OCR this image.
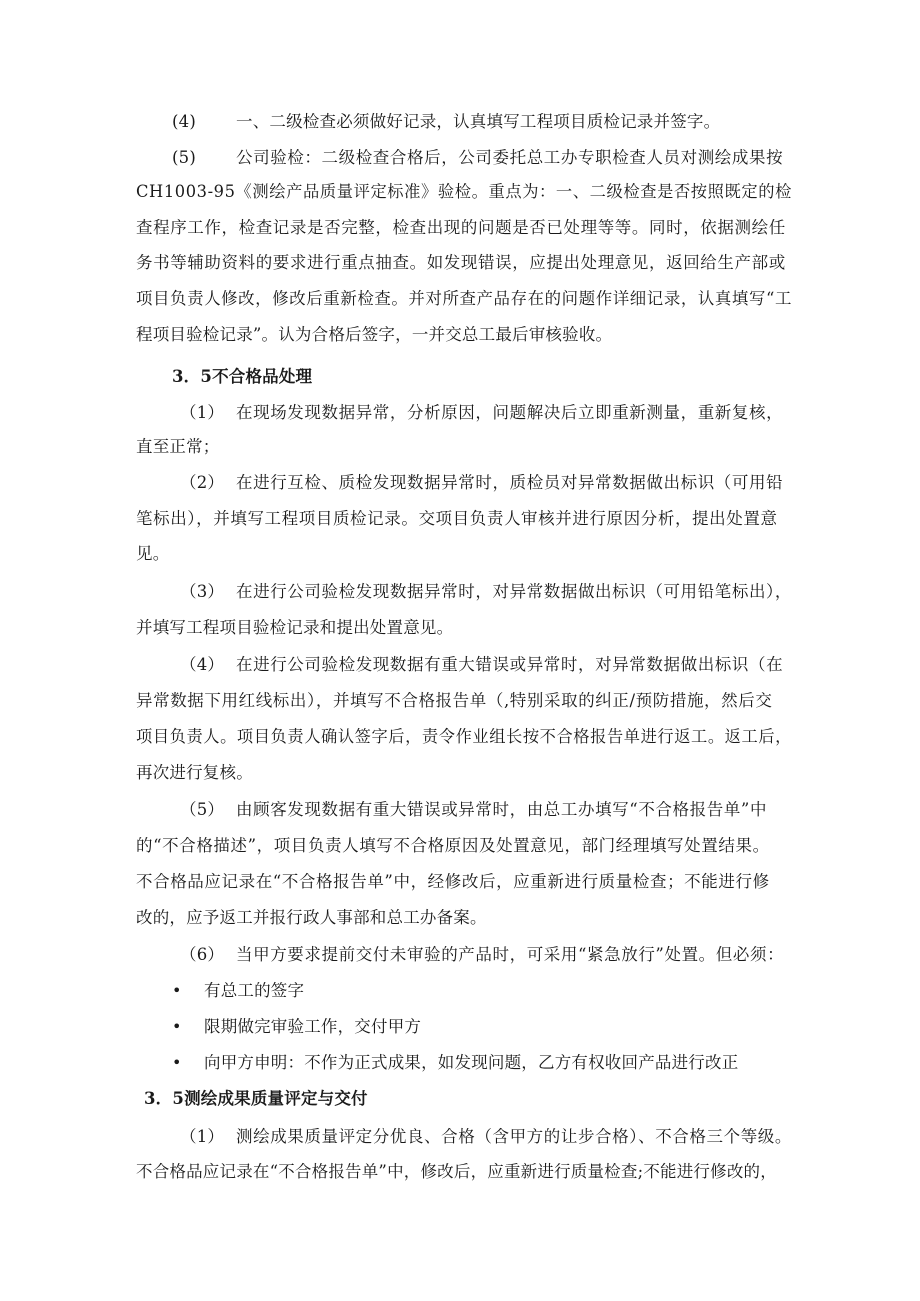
(4) 一、二级检查必须做好记录，认真填写工程项目质检记录并签字。
(5) 公司验检：二级检查合格后，公司委托总工办专职检查人员对测绘成果按
CH1003-95《测绘产品质量评定标准》验检。重点为：一、二级检查是否按照既定的检
查程序工作，检查记录是否完整，检查出现的问题是否已处理等等。同时，依据测绘任
务书等辅助资料的要求进行重点抽查。如发现错误，应提出处理意见，返回给生产部或
项目负责人修改，修改后重新检查。并对所查产品存在的问题作详细记录，认真填写“工
程项目验检记录”。认为合格后签字，一并交总工最后审核验收。
3．5不合格品处理
（1） 在现场发现数据异常，分析原因，问题解决后立即重新测量，重新复核，
直至正常；
（2） 在进行互检、质检发现数据异常时，质检员对异常数据做出标识（可用铅
笔标出），并填写工程项目质检记录。交项目负责人审核并进行原因分析，提出处置意
见。
（3） 在进行公司验检发现数据异常时，对异常数据做出标识（可用铅笔标出），
并填写工程项目验检记录和提出处置意见。
（4） 在进行公司验检发现数据有重大错误或异常时，对异常数据做出标识（在
异常数据下用红线标出），并填写不合格报告单（,特别采取的纠正/预防措施，然后交
项目负责人。项目负责人确认签字后，责令作业组长按不合格报告单进行返工。返工后，
再次进行复核。
（5） 由顾客发现数据有重大错误或异常时，由总工办填写“不合格报告单”中
的“不合格描述”，项目负责人填写不合格原因及处置意见，部门经理填写处置结果。
不合格品应记录在“不合格报告单”中，经修改后，应重新进行质量检查；不能进行修
改的，应予返工并报行政人事部和总工办备案。
（6） 当甲方要求提前交付未审验的产品时，可采用“紧急放行”处置。但必须：
• 有总工的签字
• 限期做完审验工作，交付甲方
• 向甲方申明：不作为正式成果，如发现问题，乙方有权收回产品进行改正
3．5测绘成果质量评定与交付
（1） 测绘成果质量评定分优良、合格（含甲方的让步合格）、不合格三个等级。
不合格品应记录在“不合格报告单”中，修改后，应重新进行质量检查;不能进行修改的，
